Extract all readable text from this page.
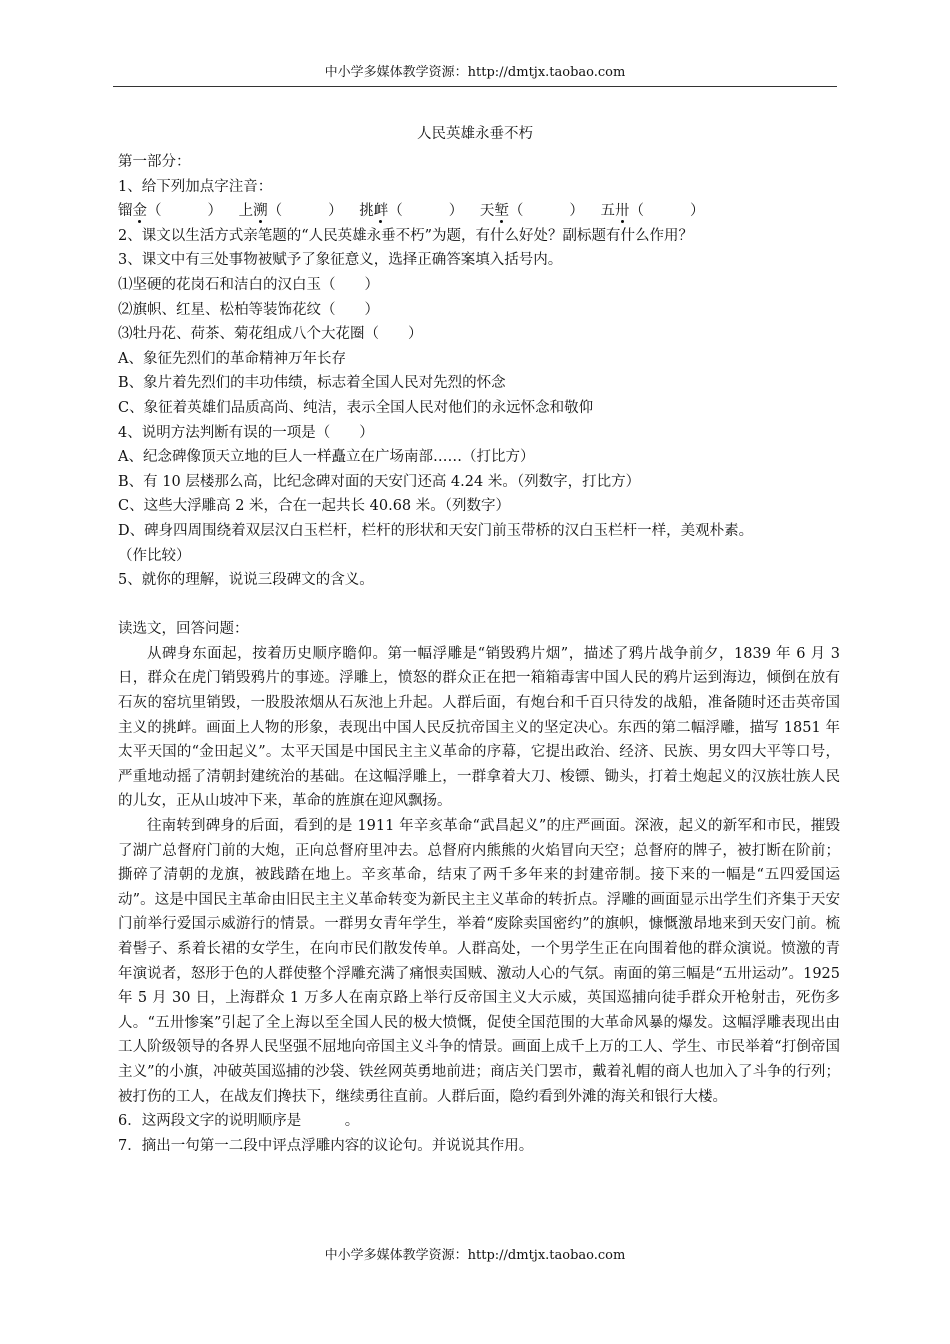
中小学多媒体教学资源：http://dmtjx.taobao.com
人民英雄永垂不朽

第一部分：

1、给下列加点字注音：

镏金（	） 上溯（	） 挑衅（	） 天堑（	） 五卅（	）

2、课文以生活方式亲笔题的“人民英雄永垂不朽”为题，有什么好处？副标题有什么作用？

3、课文中有三处事物被赋予了象征意义，选择正确答案填入括号内。

⑴坚硬的花岗石和洁白的汉白玉（　　）

⑵旗帜、红星、松柏等装饰花纹（　　）

⑶牡丹花、荷茶、菊花组成八个大花圈（　　）

A、象征先烈们的革命精神万年长存

B、象片着先烈们的丰功伟绩，标志着全国人民对先烈的怀念

C、象征着英雄们品质高尚、纯洁，表示全国人民对他们的永远怀念和敬仰

4、说明方法判断有误的一项是（　　）

A、纪念碑像顶天立地的巨人一样矗立在广场南部……（打比方）

B、有 10 层楼那么高，比纪念碑对面的天安门还高 4.24 米。（列数字，打比方）

C、这些大浮雕高 2 米，合在一起共长 40.68 米。（列数字）

D、碑身四周围绕着双层汉白玉栏杆，栏杆的形状和天安门前玉带桥的汉白玉栏杆一样，美观朴素。

（作比较）

5、就你的理解，说说三段碑文的含义。

读选文，回答问题：

从碑身东面起，按着历史顺序瞻仰。第一幅浮雕是“销毁鸦片烟”，描述了鸦片战争前夕，1839 年 6 月 3 日，群众在虎门销毁鸦片的事迹。浮雕上，愤怒的群众正在把一箱箱毒害中国人民的鸦片运到海边，倾倒在放有石灰的窑坑里销毁，一股股浓烟从石灰池上升起。人群后面，有炮台和千百只待发的战船，准备随时还击英帝国主义的挑衅。画面上人物的形象，表现出中国人民反抗帝国主义的坚定决心。东西的第二幅浮雕，描写 1851 年太平天国的“金田起义”。太平天国是中国民主主义革命的序幕，它提出政治、经济、民族、男女四大平等口号，严重地动摇了清朝封建统治的基础。在这幅浮雕上，一群拿着大刀、梭镖、锄头，打着土炮起义的汉族壮族人民的儿女，正从山坡冲下来，革命的旌旗在迎风飘扬。

往南转到碑身的后面，看到的是 1911 年辛亥革命“武昌起义”的庄严画面。深液，起义的新军和市民，摧毁了湖广总督府门前的大炮，正向总督府里冲去。总督府内熊熊的火焰冒向天空；总督府的牌子，被打断在阶前；撕碎了清朝的龙旗，被践踏在地上。辛亥革命，结束了两千多年来的封建帝制。接下来的一幅是“五四爱国运动”。这是中国民主革命由旧民主主义革命转变为新民主主义革命的转折点。浮雕的画面显示出学生们齐集于天安门前举行爱国示威游行的情景。一群男女青年学生，举着“废除卖国密约”的旗帜，慷慨激昂地来到天安门前。梳着髻子、系着长裙的女学生，在向市民们散发传单。人群高处，一个男学生正在向围着他的群众演说。愤激的青年演说者，怒形于色的人群使整个浮雕充满了痛恨卖国贼、激动人心的气氛。南面的第三幅是“五卅运动”。1925 年 5 月 30 日，上海群众 1 万多人在南京路上举行反帝国主义大示威，英国巡捕向徒手群众开枪射击，死伤多人。“五卅惨案”引起了全上海以至全国人民的极大愤慨，促使全国范围的大革命风暴的爆发。这幅浮雕表现出由工人阶级领导的各界人民坚强不屈地向帝国主义斗争的情景。画面上成千上万的工人、学生、市民举着“打倒帝国主义”的小旗，冲破英国巡捕的沙袋、铁丝网英勇地前进；商店关门罢市，戴着礼帽的商人也加入了斗争的行列；被打伤的工人，在战友们搀扶下，继续勇往直前。人群后面，隐约看到外滩的海关和银行大楼。

6．这两段文字的说明顺序是　　　。

7．摘出一句第一二段中评点浮雕内容的议论句。并说说其作用。

中小学多媒体教学资源：http://dmtjx.taobao.com
